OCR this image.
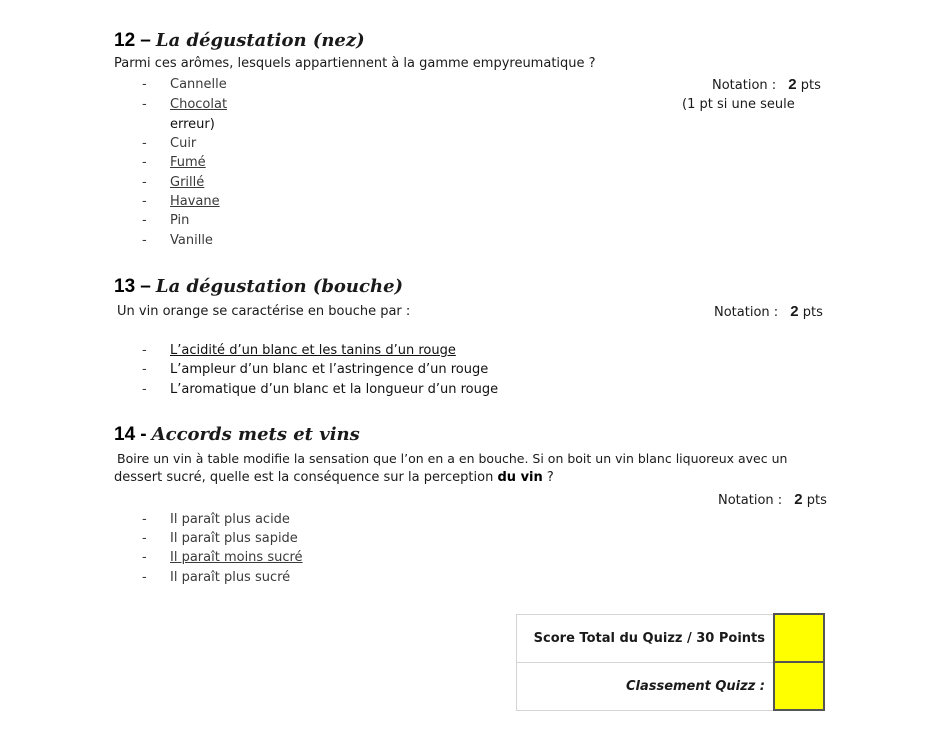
12 – La dégustation (nez)
Parmi ces arômes, lesquels appartiennent à la gamme empyreumatique ?
Notation : 2 pts
(1 pt si une seule
- Cannelle
- Chocolat
erreur)
- Cuir
- Fumé
- Grillé
- Havane
- Pin
- Vanille
13 – La dégustation (bouche)
Un vin orange se caractérise en bouche par :	Notation : 2 pts
- L’acidité d’un blanc et les tanins d’un rouge
- L’ampleur d’un blanc et l’astringence d’un rouge
- L’aromatique d’un blanc et la longueur d’un rouge
14 - Accords mets et vins
Boire un vin à table modifie la sensation que l’on en a en bouche. Si on boit un vin blanc liquoreux avec un
dessert sucré, quelle est la conséquence sur la perception du vin ?
Notation : 2 pts
- Il paraît plus acide
- Il paraît plus sapide
- Il paraît moins sucré
- Il paraît plus sucré
Score Total du Quizz / 30 Points	
Classement Quizz :	
